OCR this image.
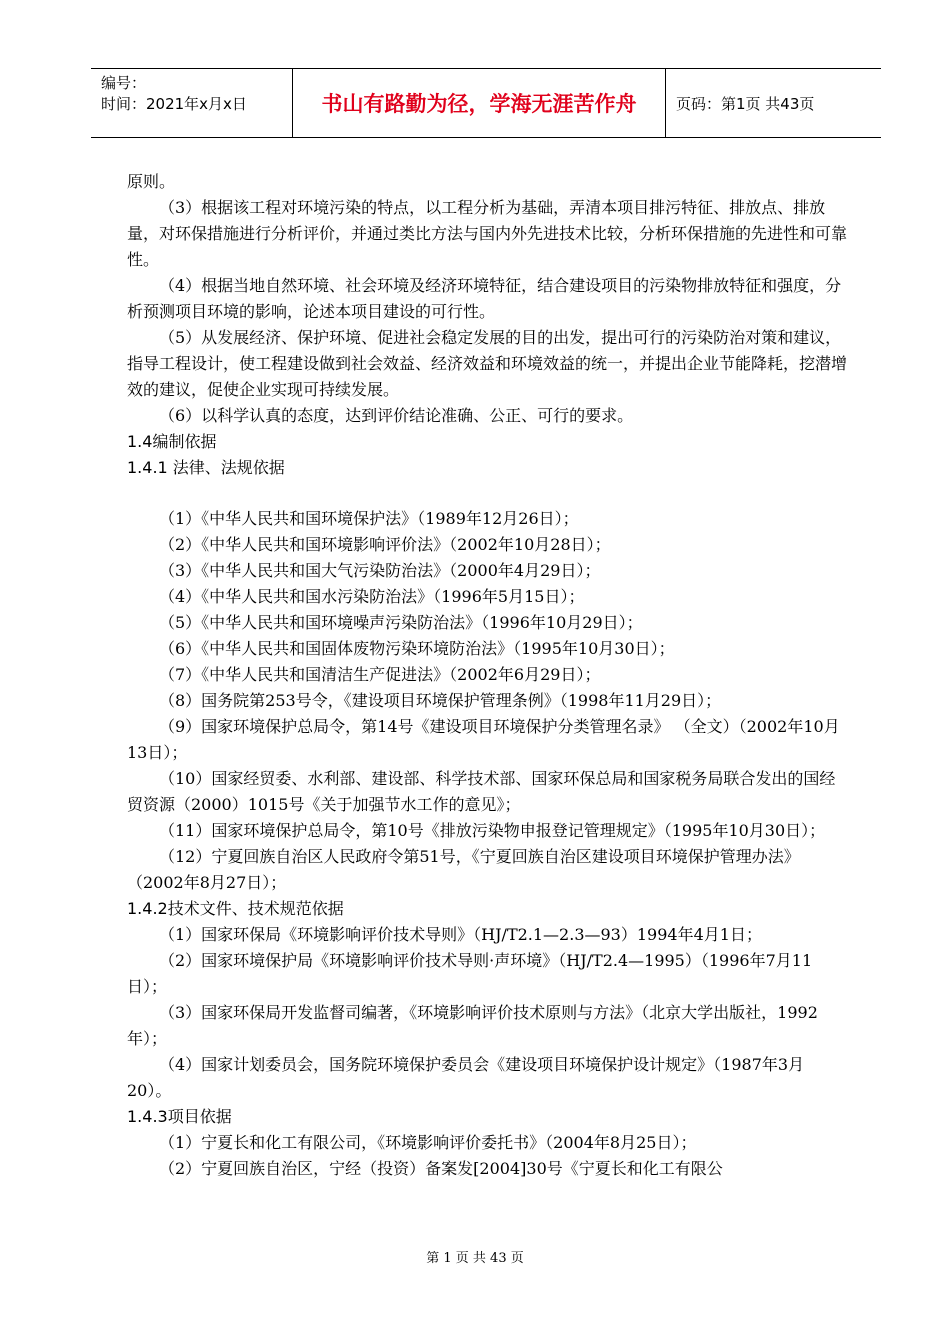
编号：
时间：2021年x月x日	书山有路勤为径，学海无涯苦作舟	页码：第1页 共43页

原则。

（3）根据该工程对环境污染的特点，以工程分析为基础，弄清本项目排污特征、排放点、排放量，对环保措施进行分析评价，并通过类比方法与国内外先进技术比较，分析环保措施的先进性和可靠性。

（4）根据当地自然环境、社会环境及经济环境特征，结合建设项目的污染物排放特征和强度，分析预测项目环境的影响，论述本项目建设的可行性。

（5）从发展经济、保护环境、促进社会稳定发展的目的出发，提出可行的污染防治对策和建议，指导工程设计，使工程建设做到社会效益、经济效益和环境效益的统一，并提出企业节能降耗，挖潜增效的建议，促使企业实现可持续发展。

（6）以科学认真的态度，达到评价结论准确、公正、可行的要求。

1.4编制依据

1.4.1 法律、法规依据

（1）《中华人民共和国环境保护法》（1989年12月26日）；

（2）《中华人民共和国环境影响评价法》（2002年10月28日）；

（3）《中华人民共和国大气污染防治法》（2000年4月29日）；

（4）《中华人民共和国水污染防治法》（1996年5月15日）；

（5）《中华人民共和国环境噪声污染防治法》（1996年10月29日）；

（6）《中华人民共和国固体废物污染环境防治法》（1995年10月30日）；

（7）《中华人民共和国清洁生产促进法》（2002年6月29日）；

（8）国务院第253号令，《建设项目环境保护管理条例》（1998年11月29日）；

（9）国家环境保护总局令，第14号《建设项目环境保护分类管理名录》 （全文）（2002年10月13日）；

（10）国家经贸委、水利部、建设部、科学技术部、国家环保总局和国家税务局联合发出的国经贸资源（2000）1015号《关于加强节水工作的意见》；

（11）国家环境保护总局令，第10号《排放污染物申报登记管理规定》（1995年10月30日）；

（12）宁夏回族自治区人民政府令第51号，《宁夏回族自治区建设项目环境保护管理办法》（2002年8月27日）；

1.4.2技术文件、技术规范依据

（1）国家环保局《环境影响评价技术导则》（HJ/T2.1—2.3—93）1994年4月1日；

（2）国家环境保护局《环境影响评价技术导则·声环境》（HJ/T2.4—1995）（1996年7月11日）；

（3）国家环保局开发监督司编著，《环境影响评价技术原则与方法》（北京大学出版社，1992年）；

（4）国家计划委员会，国务院环境保护委员会《建设项目环境保护设计规定》（1987年3月20）。

1.4.3项目依据

（1）宁夏长和化工有限公司，《环境影响评价委托书》（2004年8月25日）；

（2）宁夏回族自治区，宁经（投资）备案发[2004]30号《宁夏长和化工有限公

第 1 页 共 43 页
